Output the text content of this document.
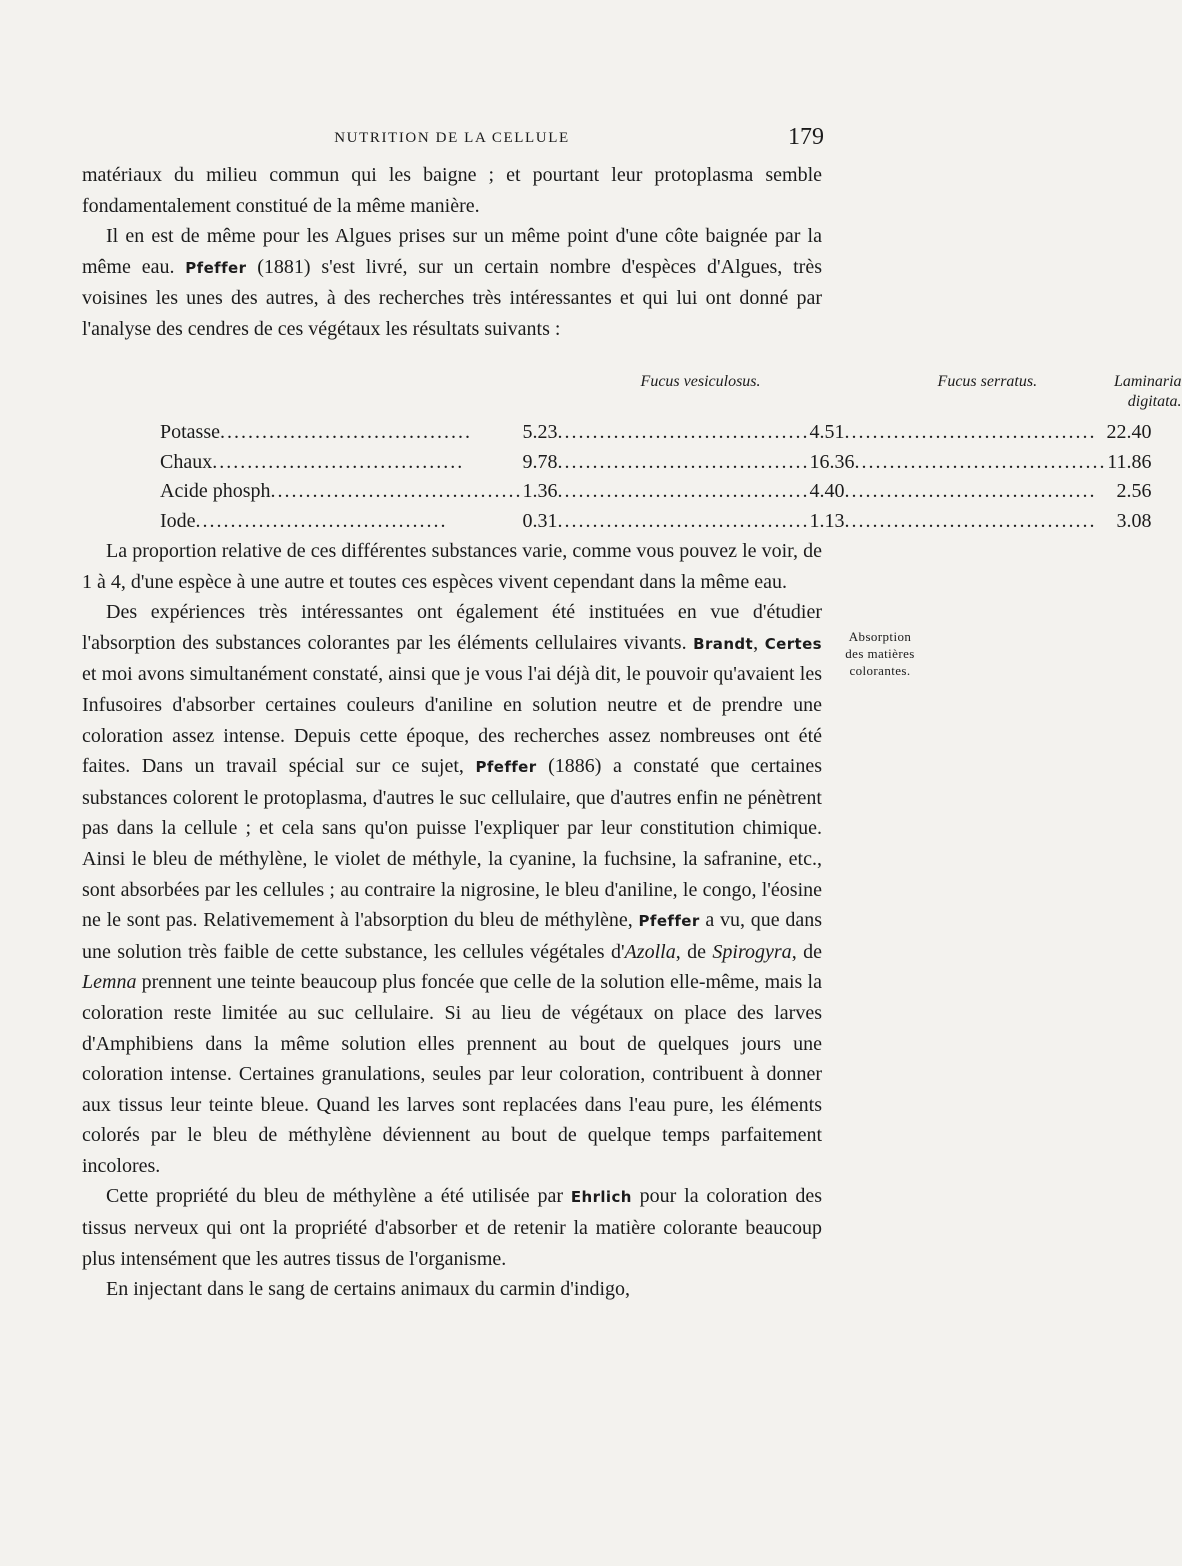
NUTRITION DE LA CELLULE	179

matériaux du milieu commun qui les baigne ; et pourtant leur protoplasma semble fondamentalement constitué de la même manière.

Il en est de même pour les Algues prises sur un même point d'une côte baignée par la même eau. Pfeffer (1881) s'est livré, sur un certain nombre d'espèces d'Algues, très voisines les unes des autres, à des recherches très intéressantes et qui lui ont donné par l'analyse des cendres de ces végétaux les résultats suivants :

	Fucus vesiculosus.	Fucus serratus.	Laminaria digitata.
Potasse .....	5.23 .....	4.51 .....	22.40
Chaux .....	9.78 .....	16.36 .....	11.86
Acide phosph .....	1.36 .....	4.40 .....	2.56
Iode .....	0.31 .....	1.13 .....	3.08

La proportion relative de ces différentes substances varie, comme vous pouvez le voir, de 1 à 4, d'une espèce à une autre et toutes ces espèces vivent cependant dans la même eau.

Des expériences très intéressantes ont également été instituées en vue d'étudier l'absorption des substances colorantes par les éléments cellulaires vivants. Brandt, Certes et moi avons simultanément constaté, ainsi que je vous l'ai déjà dit, le pouvoir qu'avaient les Infusoires d'absorber certaines couleurs d'aniline en solution neutre et de prendre une coloration assez intense. Depuis cette époque, des recherches assez nombreuses ont été faites. Dans un travail spécial sur ce sujet, Pfeffer (1886) a constaté que certaines substances colorent le protoplasma, d'autres le suc cellulaire, que d'autres enfin ne pénètrent pas dans la cellule ; et cela sans qu'on puisse l'expliquer par leur constitution chimique. Ainsi le bleu de méthylène, le violet de méthyle, la cyanine, la fuchsine, la safranine, etc., sont absorbées par les cellules ; au contraire la nigrosine, le bleu d'aniline, le congo, l'éosine ne le sont pas. Relativemement à l'absorption du bleu de méthylène, Pfeffer a vu, que dans une solution très faible de cette substance, les cellules végétales d'Azolla, de Spirogyra, de Lemna prennent une teinte beaucoup plus foncée que celle de la solution elle-même, mais la coloration reste limitée au suc cellulaire. Si au lieu de végétaux on place des larves d'Amphibiens dans la même solution elles prennent au bout de quelques jours une coloration intense. Certaines granulations, seules par leur coloration, contribuent à donner aux tissus leur teinte bleue. Quand les larves sont replacées dans l'eau pure, les éléments colorés par le bleu de méthylène déviennent au bout de quelque temps parfaitement incolores.

Cette propriété du bleu de méthylène a été utilisée par Ehrlich pour la coloration des tissus nerveux qui ont la propriété d'absorber et de retenir la matière colorante beaucoup plus intensément que les autres tissus de l'organisme.

En injectant dans le sang de certains animaux du carmin d'indigo,

Absorption
des matières
colorantes.
